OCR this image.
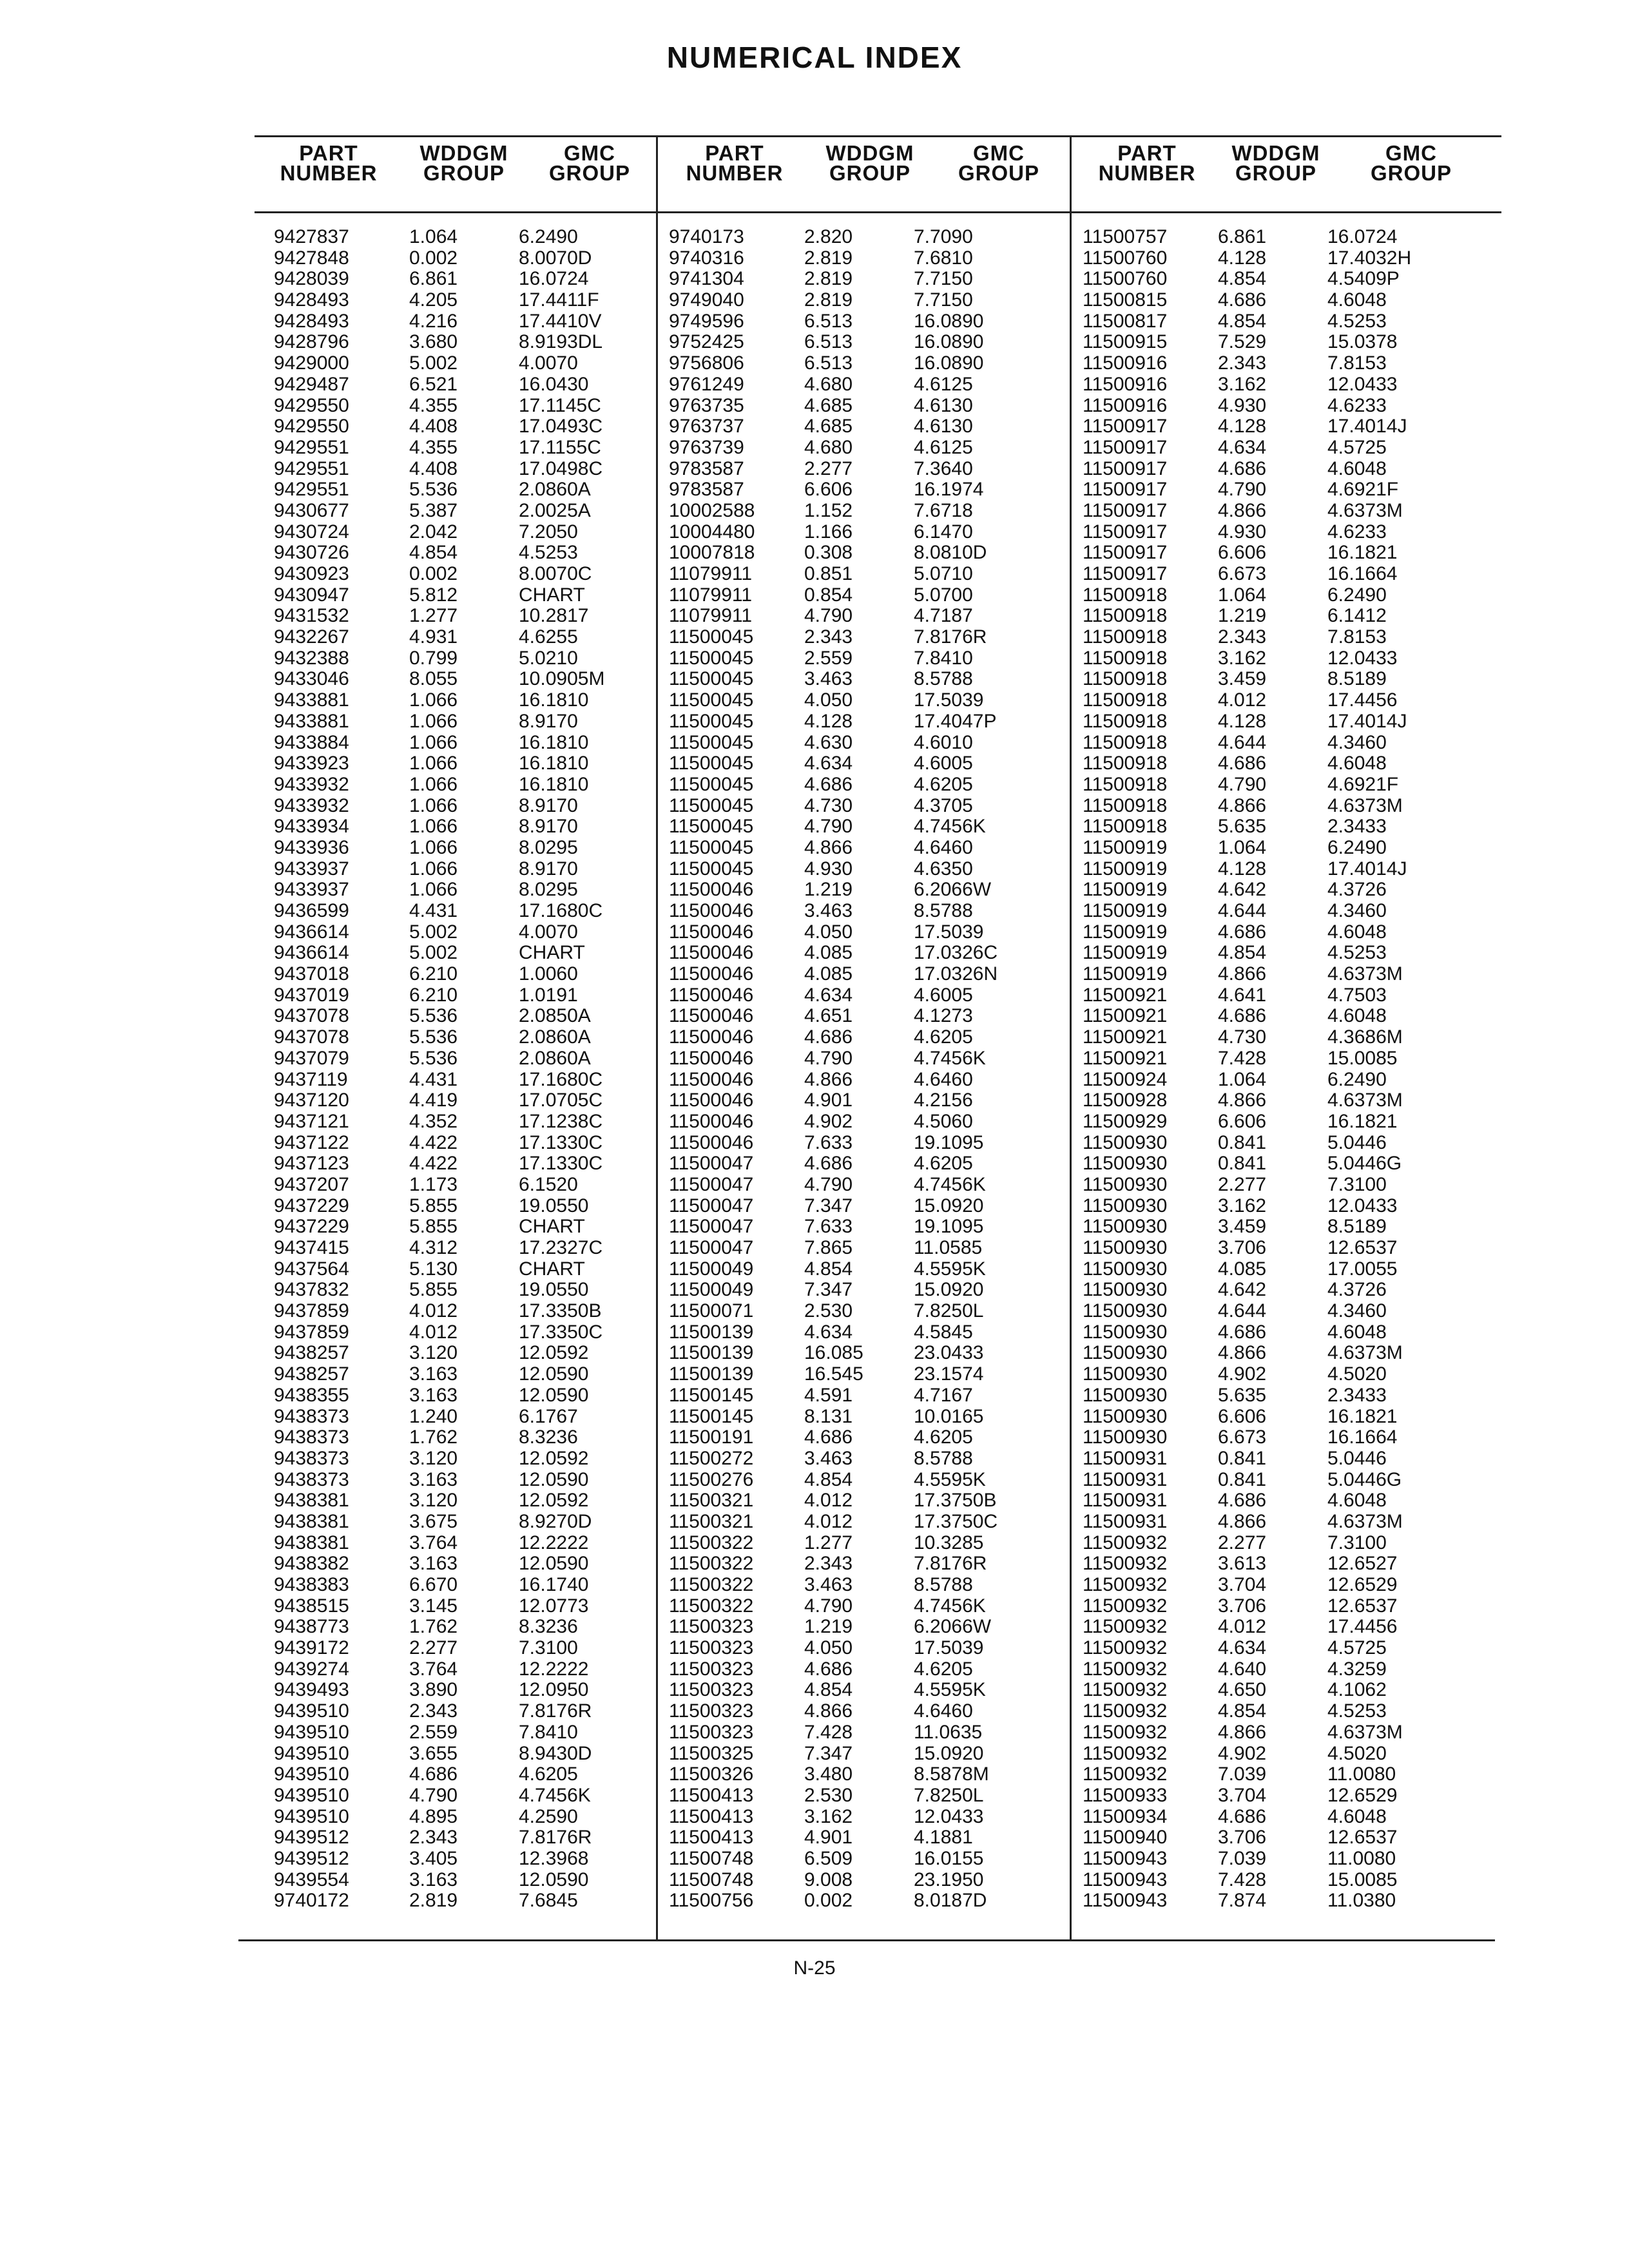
NUMERICAL INDEX
PART
NUMBER
WDDGM
GROUP
GMC
GROUP
PART
NUMBER
WDDGM
GROUP
GMC
GROUP
PART
NUMBER
WDDGM
GROUP
GMC
GROUP
9427837	1.064	6.2490
9427848	0.002	8.0070D
9428039	6.861	16.0724
9428493	4.205	17.4411F
9428493	4.216	17.4410V
9428796	3.680	8.9193DL
9429000	5.002	4.0070
9429487	6.521	16.0430
9429550	4.355	17.1145C
9429550	4.408	17.0493C
9429551	4.355	17.1155C
9429551	4.408	17.0498C
9429551	5.536	2.0860A
9430677	5.387	2.0025A
9430724	2.042	7.2050
9430726	4.854	4.5253
9430923	0.002	8.0070C
9430947	5.812	CHART
9431532	1.277	10.2817
9432267	4.931	4.6255
9432388	0.799	5.0210
9433046	8.055	10.0905M
9433881	1.066	16.1810
9433881	1.066	8.9170
9433884	1.066	16.1810
9433923	1.066	16.1810
9433932	1.066	16.1810
9433932	1.066	8.9170
9433934	1.066	8.9170
9433936	1.066	8.0295
9433937	1.066	8.9170
9433937	1.066	8.0295
9436599	4.431	17.1680C
9436614	5.002	4.0070
9436614	5.002	CHART
9437018	6.210	1.0060
9437019	6.210	1.0191
9437078	5.536	2.0850A
9437078	5.536	2.0860A
9437079	5.536	2.0860A
9437119	4.431	17.1680C
9437120	4.419	17.0705C
9437121	4.352	17.1238C
9437122	4.422	17.1330C
9437123	4.422	17.1330C
9437207	1.173	6.1520
9437229	5.855	19.0550
9437229	5.855	CHART
9437415	4.312	17.2327C
9437564	5.130	CHART
9437832	5.855	19.0550
9437859	4.012	17.3350B
9437859	4.012	17.3350C
9438257	3.120	12.0592
9438257	3.163	12.0590
9438355	3.163	12.0590
9438373	1.240	6.1767
9438373	1.762	8.3236
9438373	3.120	12.0592
9438373	3.163	12.0590
9438381	3.120	12.0592
9438381	3.675	8.9270D
9438381	3.764	12.2222
9438382	3.163	12.0590
9438383	6.670	16.1740
9438515	3.145	12.0773
9438773	1.762	8.3236
9439172	2.277	7.3100
9439274	3.764	12.2222
9439493	3.890	12.0950
9439510	2.343	7.8176R
9439510	2.559	7.8410
9439510	3.655	8.9430D
9439510	4.686	4.6205
9439510	4.790	4.7456K
9439510	4.895	4.2590
9439512	2.343	7.8176R
9439512	3.405	12.3968
9439554	3.163	12.0590
9740172	2.819	7.6845
9740173	2.820	7.7090
9740316	2.819	7.6810
9741304	2.819	7.7150
9749040	2.819	7.7150
9749596	6.513	16.0890
9752425	6.513	16.0890
9756806	6.513	16.0890
9761249	4.680	4.6125
9763735	4.685	4.6130
9763737	4.685	4.6130
9763739	4.680	4.6125
9783587	2.277	7.3640
9783587	6.606	16.1974
10002588	1.152	7.6718
10004480	1.166	6.1470
10007818	0.308	8.0810D
11079911	0.851	5.0710
11079911	0.854	5.0700
11079911	4.790	4.7187
11500045	2.343	7.8176R
11500045	2.559	7.8410
11500045	3.463	8.5788
11500045	4.050	17.5039
11500045	4.128	17.4047P
11500045	4.630	4.6010
11500045	4.634	4.6005
11500045	4.686	4.6205
11500045	4.730	4.3705
11500045	4.790	4.7456K
11500045	4.866	4.6460
11500045	4.930	4.6350
11500046	1.219	6.2066W
11500046	3.463	8.5788
11500046	4.050	17.5039
11500046	4.085	17.0326C
11500046	4.085	17.0326N
11500046	4.634	4.6005
11500046	4.651	4.1273
11500046	4.686	4.6205
11500046	4.790	4.7456K
11500046	4.866	4.6460
11500046	4.901	4.2156
11500046	4.902	4.5060
11500046	7.633	19.1095
11500047	4.686	4.6205
11500047	4.790	4.7456K
11500047	7.347	15.0920
11500047	7.633	19.1095
11500047	7.865	11.0585
11500049	4.854	4.5595K
11500049	7.347	15.0920
11500071	2.530	7.8250L
11500139	4.634	4.5845
11500139	16.085	23.0433
11500139	16.545	23.1574
11500145	4.591	4.7167
11500145	8.131	10.0165
11500191	4.686	4.6205
11500272	3.463	8.5788
11500276	4.854	4.5595K
11500321	4.012	17.3750B
11500321	4.012	17.3750C
11500322	1.277	10.3285
11500322	2.343	7.8176R
11500322	3.463	8.5788
11500322	4.790	4.7456K
11500323	1.219	6.2066W
11500323	4.050	17.5039
11500323	4.686	4.6205
11500323	4.854	4.5595K
11500323	4.866	4.6460
11500323	7.428	11.0635
11500325	7.347	15.0920
11500326	3.480	8.5878M
11500413	2.530	7.8250L
11500413	3.162	12.0433
11500413	4.901	4.1881
11500748	6.509	16.0155
11500748	9.008	23.1950
11500756	0.002	8.0187D
11500757	6.861	16.0724
11500760	4.128	17.4032H
11500760	4.854	4.5409P
11500815	4.686	4.6048
11500817	4.854	4.5253
11500915	7.529	15.0378
11500916	2.343	7.8153
11500916	3.162	12.0433
11500916	4.930	4.6233
11500917	4.128	17.4014J
11500917	4.634	4.5725
11500917	4.686	4.6048
11500917	4.790	4.6921F
11500917	4.866	4.6373M
11500917	4.930	4.6233
11500917	6.606	16.1821
11500917	6.673	16.1664
11500918	1.064	6.2490
11500918	1.219	6.1412
11500918	2.343	7.8153
11500918	3.162	12.0433
11500918	3.459	8.5189
11500918	4.012	17.4456
11500918	4.128	17.4014J
11500918	4.644	4.3460
11500918	4.686	4.6048
11500918	4.790	4.6921F
11500918	4.866	4.6373M
11500918	5.635	2.3433
11500919	1.064	6.2490
11500919	4.128	17.4014J
11500919	4.642	4.3726
11500919	4.644	4.3460
11500919	4.686	4.6048
11500919	4.854	4.5253
11500919	4.866	4.6373M
11500921	4.641	4.7503
11500921	4.686	4.6048
11500921	4.730	4.3686M
11500921	7.428	15.0085
11500924	1.064	6.2490
11500928	4.866	4.6373M
11500929	6.606	16.1821
11500930	0.841	5.0446
11500930	0.841	5.0446G
11500930	2.277	7.3100
11500930	3.162	12.0433
11500930	3.459	8.5189
11500930	3.706	12.6537
11500930	4.085	17.0055
11500930	4.642	4.3726
11500930	4.644	4.3460
11500930	4.686	4.6048
11500930	4.866	4.6373M
11500930	4.902	4.5020
11500930	5.635	2.3433
11500930	6.606	16.1821
11500930	6.673	16.1664
11500931	0.841	5.0446
11500931	0.841	5.0446G
11500931	4.686	4.6048
11500931	4.866	4.6373M
11500932	2.277	7.3100
11500932	3.613	12.6527
11500932	3.704	12.6529
11500932	3.706	12.6537
11500932	4.012	17.4456
11500932	4.634	4.5725
11500932	4.640	4.3259
11500932	4.650	4.1062
11500932	4.854	4.5253
11500932	4.866	4.6373M
11500932	4.902	4.5020
11500932	7.039	11.0080
11500933	3.704	12.6529
11500934	4.686	4.6048
11500940	3.706	12.6537
11500943	7.039	11.0080
11500943	7.428	15.0085
11500943	7.874	11.0380
N-25
